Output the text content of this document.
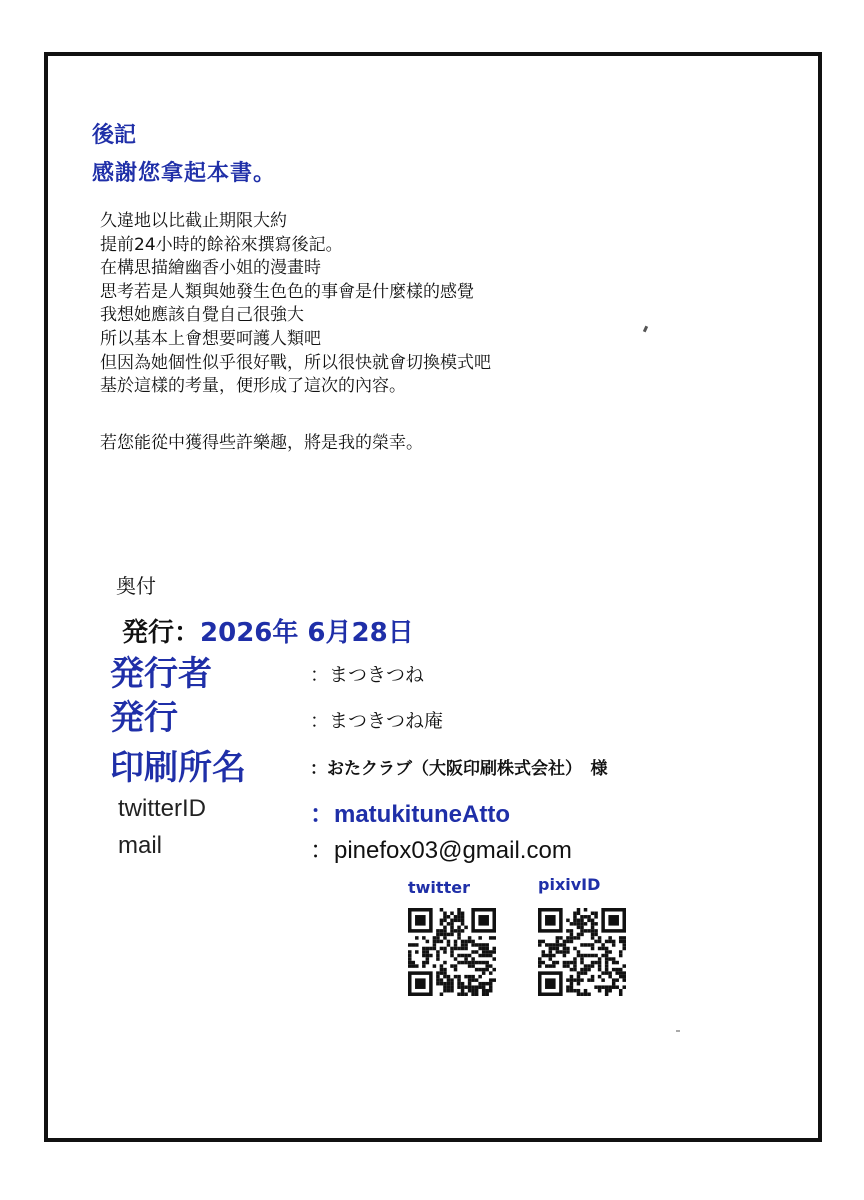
後記
感謝您拿起本書。
久違地以比截止期限大約
提前24小時的餘裕來撰寫後記。
在構思描繪幽香小姐的漫畫時
思考若是人類與她發生色色的事會是什麼樣的感覺
我想她應該自覺自己很強大
所以基本上會想要呵護人類吧
但因為她個性似乎很好戰，所以很快就會切換模式吧
基於這樣的考量，便形成了這次的內容。
若您能從中獲得些許樂趣，將是我的榮幸。
奥付
発行：2026年 6月28日
発行者	：まつきつね
発行	：まつきつね庵
印刷所名	：おたクラブ（大阪印刷株式会社）　様
twitterID	：matukituneAtto
mail	：pinefox03@gmail.com
twitter	pixivID
